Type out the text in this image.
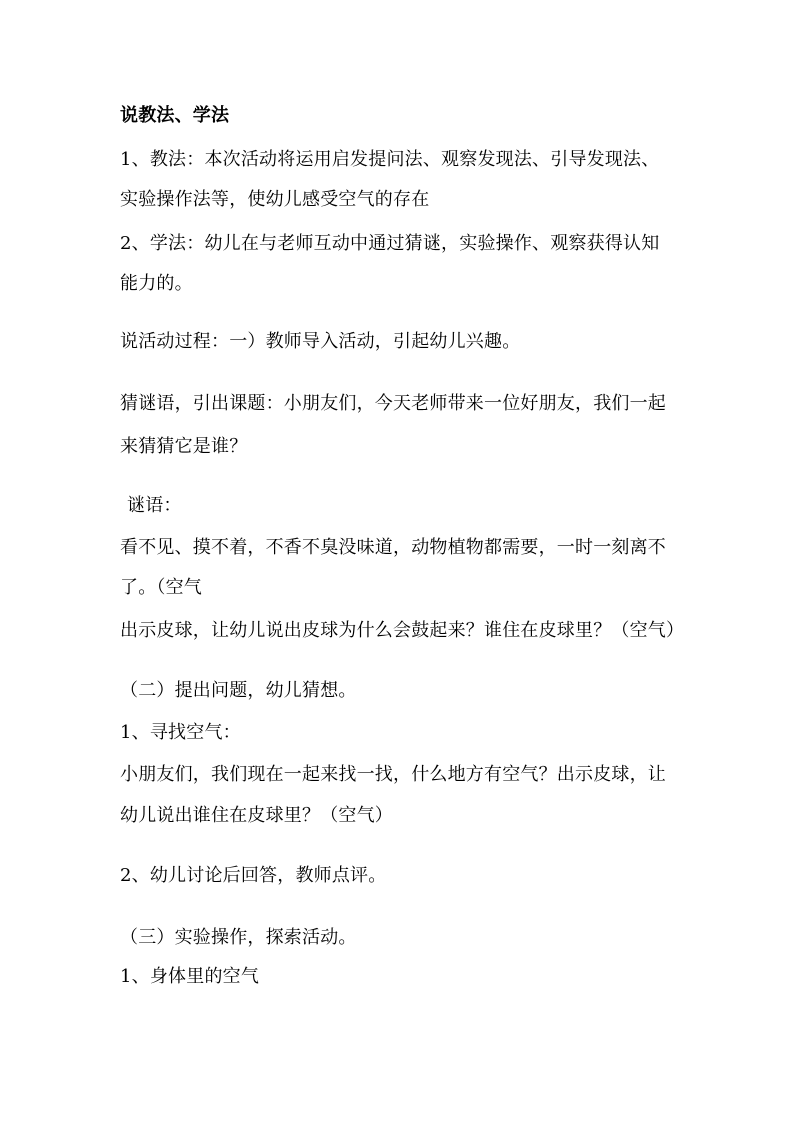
说教法、学法
1、教法：本次活动将运用启发提问法、观察发现法、引导发现法、
实验操作法等，使幼儿感受空气的存在
2、学法：幼儿在与老师互动中通过猜谜，实验操作、观察获得认知
能力的。
说活动过程：一）教师导入活动，引起幼儿兴趣。
猜谜语，引出课题：小朋友们，今天老师带来一位好朋友，我们一起
来猜猜它是谁？
谜语：
看不见、摸不着，不香不臭没味道，动物植物都需要，一时一刻离不
了。（空气
出示皮球，让幼儿说出皮球为什么会鼓起来？谁住在皮球里？（空气）
（二）提出问题，幼儿猜想。
1、寻找空气：
小朋友们，我们现在一起来找一找，什么地方有空气？出示皮球，让
幼儿说出谁住在皮球里？（空气）
2、幼儿讨论后回答，教师点评。
（三）实验操作，探索活动。
1、身体里的空气
